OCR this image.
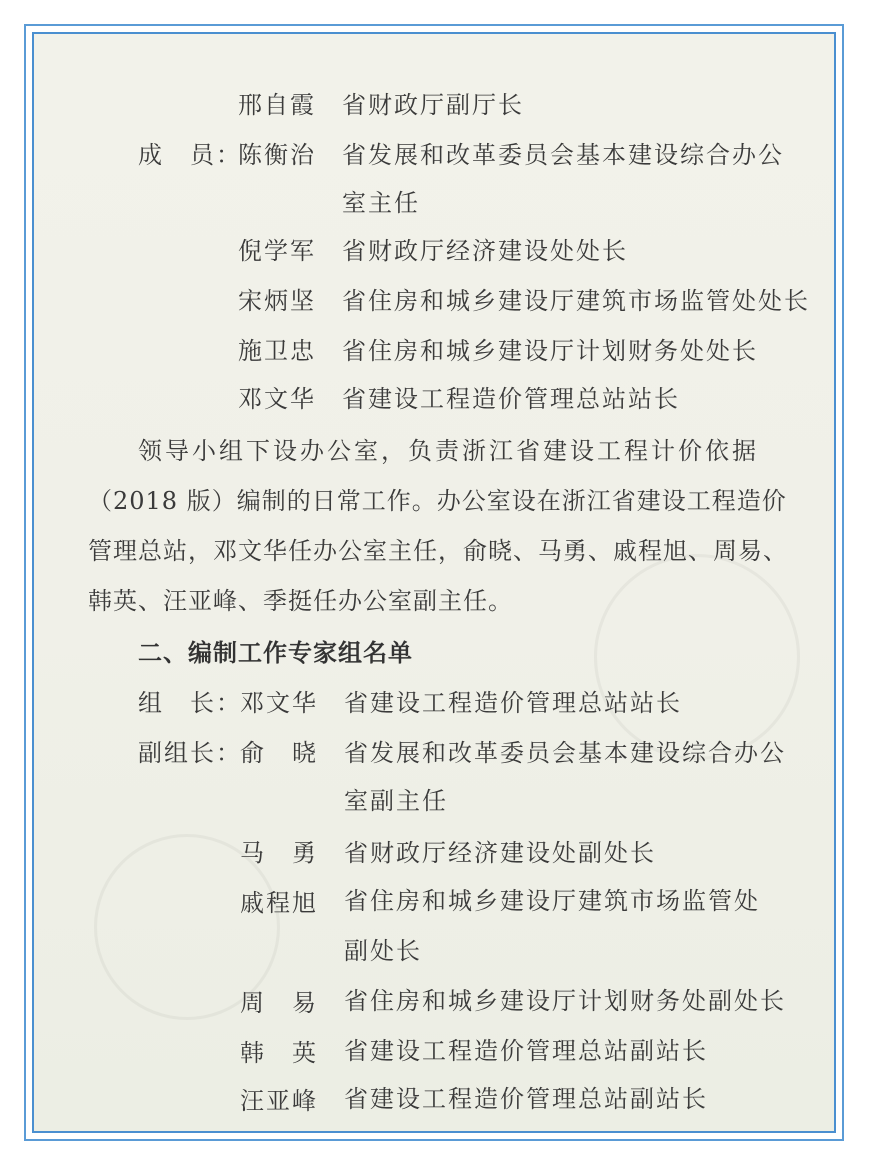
邢自霞 省财政厅副厅长
成　员：
陈衡治 省发展和改革委员会基本建设综合办公
室主任
倪学军 省财政厅经济建设处处长
宋炳坚 省住房和城乡建设厅建筑市场监管处处长
施卫忠 省住房和城乡建设厅计划财务处处长
邓文华 省建设工程造价管理总站站长
领导小组下设办公室，负责浙江省建设工程计价依据
（2018 版）编制的日常工作。办公室设在浙江省建设工程造价
管理总站，邓文华任办公室主任，俞晓、马勇、戚程旭、周易、
韩英、汪亚峰、季挺任办公室副主任。
二、编制工作专家组名单
组　长：
邓文华 省建设工程造价管理总站站长
副组长：
俞　晓 省发展和改革委员会基本建设综合办公
室副主任
马　勇 省财政厅经济建设处副处长
戚程旭 省住房和城乡建设厅建筑市场监管处
副处长
周　易 省住房和城乡建设厅计划财务处副处长
韩　英 省建设工程造价管理总站副站长
汪亚峰 省建设工程造价管理总站副站长
